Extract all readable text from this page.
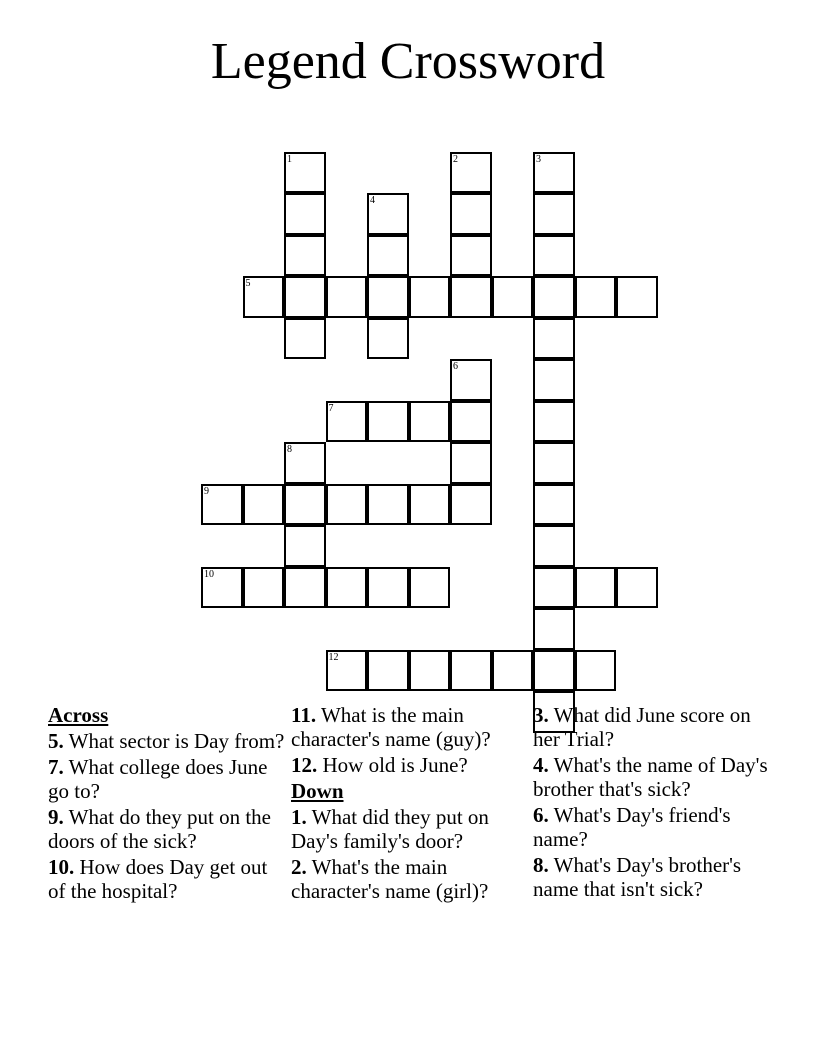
Legend Crossword
1
4
2	3
5
6
7
8
9
10
12
Across
5. What sector is Day from?
7. What college does June go to?
9. What do they put on the doors of the sick?
10. How does Day get out of the hospital?
11. What is the main character's name (guy)?
12. How old is June?
Down
1. What did they put on Day's family's door?
2. What's the main character's name (girl)?
3. What did June score on her Trial?
4. What's the name of Day's brother that's sick?
6. What's Day's friend's name?
8. What's Day's brother's name that isn't sick?
